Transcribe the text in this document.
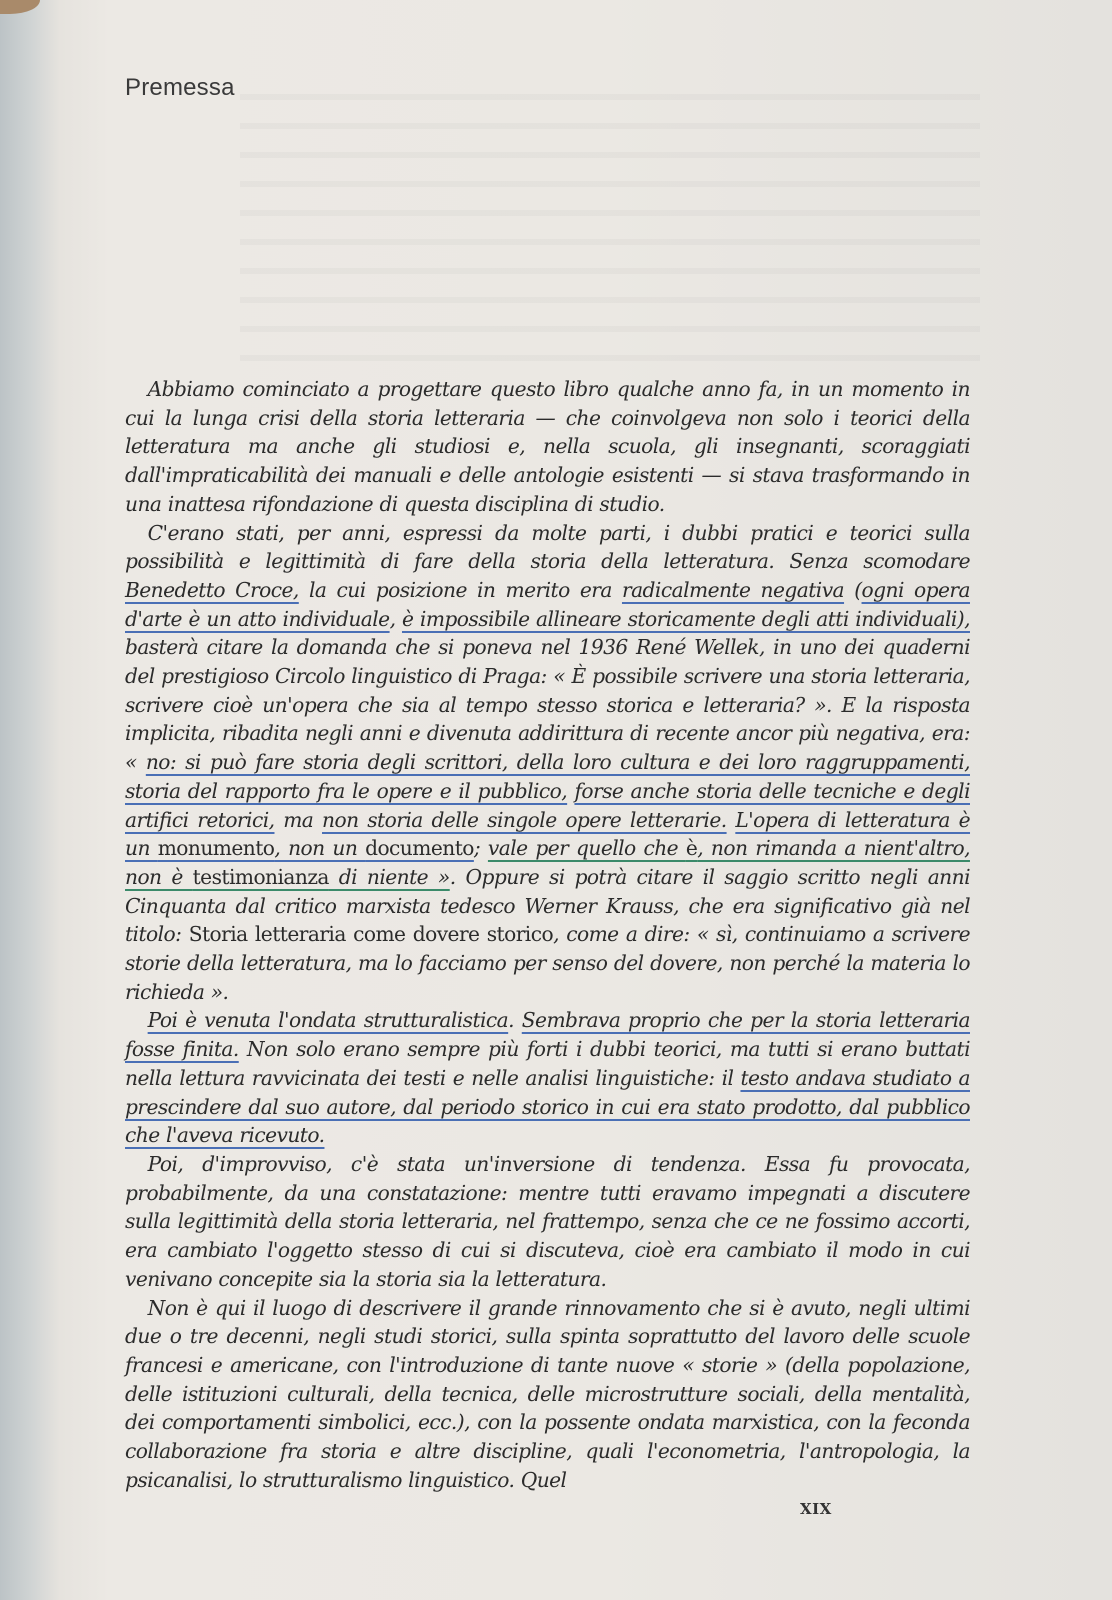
Premessa

 Abbiamo cominciato a progettare questo libro qualche anno fa, in un momento in cui la lunga crisi della storia letteraria — che coinvolgeva non solo i teorici della letteratura ma anche gli studiosi e, nella scuola, gli insegnanti, scoraggiati dall'impraticabilità dei manuali e delle antologie esistenti — si stava trasformando in una inattesa rifondazione di questa disciplina di studio.

 C'erano stati, per anni, espressi da molte parti, i dubbi pratici e teorici sulla possibilità e legittimità di fare della storia della letteratura. Senza scomodare Benedetto Croce, la cui posizione in merito era radicalmente negativa (ogni opera d'arte è un atto individuale, è impossibile allineare storicamente degli atti individuali), basterà citare la domanda che si poneva nel 1936 René Wellek, in uno dei quaderni del prestigioso Circolo linguistico di Praga: « È possibile scrivere una storia letteraria, scrivere cioè un'opera che sia al tempo stesso storica e letteraria? ». E la risposta implicita, ribadita negli anni e divenuta addirittura di recente ancor più negativa, era: « no: si può fare storia degli scrittori, della loro cultura e dei loro raggruppamenti, storia del rapporto fra le opere e il pubblico, forse anche storia delle tecniche e degli artifici retorici, ma non storia delle singole opere letterarie. L'opera di letteratura è un monumento, non un documento; vale per quello che è, non rimanda a nient'altro, non è testimonianza di niente ». Oppure si potrà citare il saggio scritto negli anni Cinquanta dal critico marxista tedesco Werner Krauss, che era significativo già nel titolo: Storia letteraria come dovere storico, come a dire: « sì, continuiamo a scrivere storie della letteratura, ma lo facciamo per senso del dovere, non perché la materia lo richieda ».

 Poi è venuta l'ondata strutturalistica. Sembrava proprio che per la storia letteraria fosse finita. Non solo erano sempre più forti i dubbi teorici, ma tutti si erano buttati nella lettura ravvicinata dei testi e nelle analisi linguistiche: il testo andava studiato a prescindere dal suo autore, dal periodo storico in cui era stato prodotto, dal pubblico che l'aveva ricevuto.

 Poi, d'improvviso, c'è stata un'inversione di tendenza. Essa fu provocata, probabilmente, da una constatazione: mentre tutti eravamo impegnati a discutere sulla legittimità della storia letteraria, nel frattempo, senza che ce ne fossimo accorti, era cambiato l'oggetto stesso di cui si discuteva, cioè era cambiato il modo in cui venivano concepite sia la storia sia la letteratura.

 Non è qui il luogo di descrivere il grande rinnovamento che si è avuto, negli ultimi due o tre decenni, negli studi storici, sulla spinta soprattutto del lavoro delle scuole francesi e americane, con l'introduzione di tante nuove « storie » (della popolazione, delle istituzioni culturali, della tecnica, delle microstrutture sociali, della mentalità, dei comportamenti simbolici, ecc.), con la possente ondata marxistica, con la feconda collaborazione fra storia e altre discipline, quali l'econometria, l'antropologia, la psicanalisi, lo strutturalismo linguistico. Quel

XIX
